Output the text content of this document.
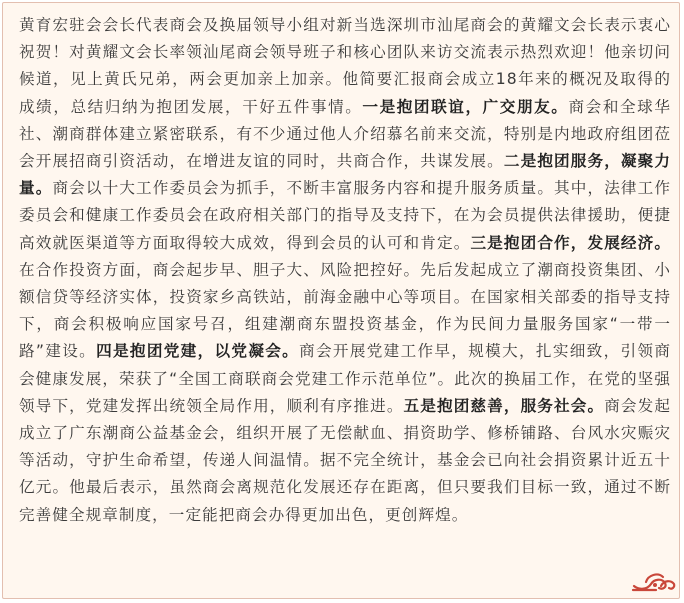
黄育宏驻会会长代表商会及换届领导小组对新当选深圳市汕尾商会的黄耀文会长表示衷心祝贺！对黄耀文会长率领汕尾商会领导班子和核心团队来访交流表示热烈欢迎！他亲切问候道，见上黄氏兄弟，两会更加亲上加亲。他简要汇报商会成立18年来的概况及取得的成绩，总结归纳为抱团发展，干好五件事情。一是抱团联谊，广交朋友。商会和全球华社、潮商群体建立紧密联系，有不少通过他人介绍慕名前来交流，特别是内地政府组团莅会开展招商引资活动，在增进友谊的同时，共商合作，共谋发展。二是抱团服务，凝聚力量。商会以十大工作委员会为抓手，不断丰富服务内容和提升服务质量。其中，法律工作委员会和健康工作委员会在政府相关部门的指导及支持下，在为会员提供法律援助，便捷高效就医渠道等方面取得较大成效，得到会员的认可和肯定。三是抱团合作，发展经济。在合作投资方面，商会起步早、胆子大、风险把控好。先后发起成立了潮商投资集团、小额信贷等经济实体，投资家乡高铁站，前海金融中心等项目。在国家相关部委的指导支持下，商会积极响应国家号召，组建潮商东盟投资基金，作为民间力量服务国家“一带一路”建设。四是抱团党建，以党凝会。商会开展党建工作早，规模大，扎实细致，引领商会健康发展，荣获了“全国工商联商会党建工作示范单位”。此次的换届工作，在党的坚强领导下，党建发挥出统领全局作用，顺利有序推进。五是抱团慈善，服务社会。商会发起成立了广东潮商公益基金会，组织开展了无偿献血、捐资助学、修桥铺路、台风水灾赈灾等活动，守护生命希望，传递人间温情。据不完全统计，基金会已向社会捐资累计近五十亿元。他最后表示，虽然商会离规范化发展还存在距离，但只要我们目标一致，通过不断完善健全规章制度，一定能把商会办得更加出色，更创辉煌。
